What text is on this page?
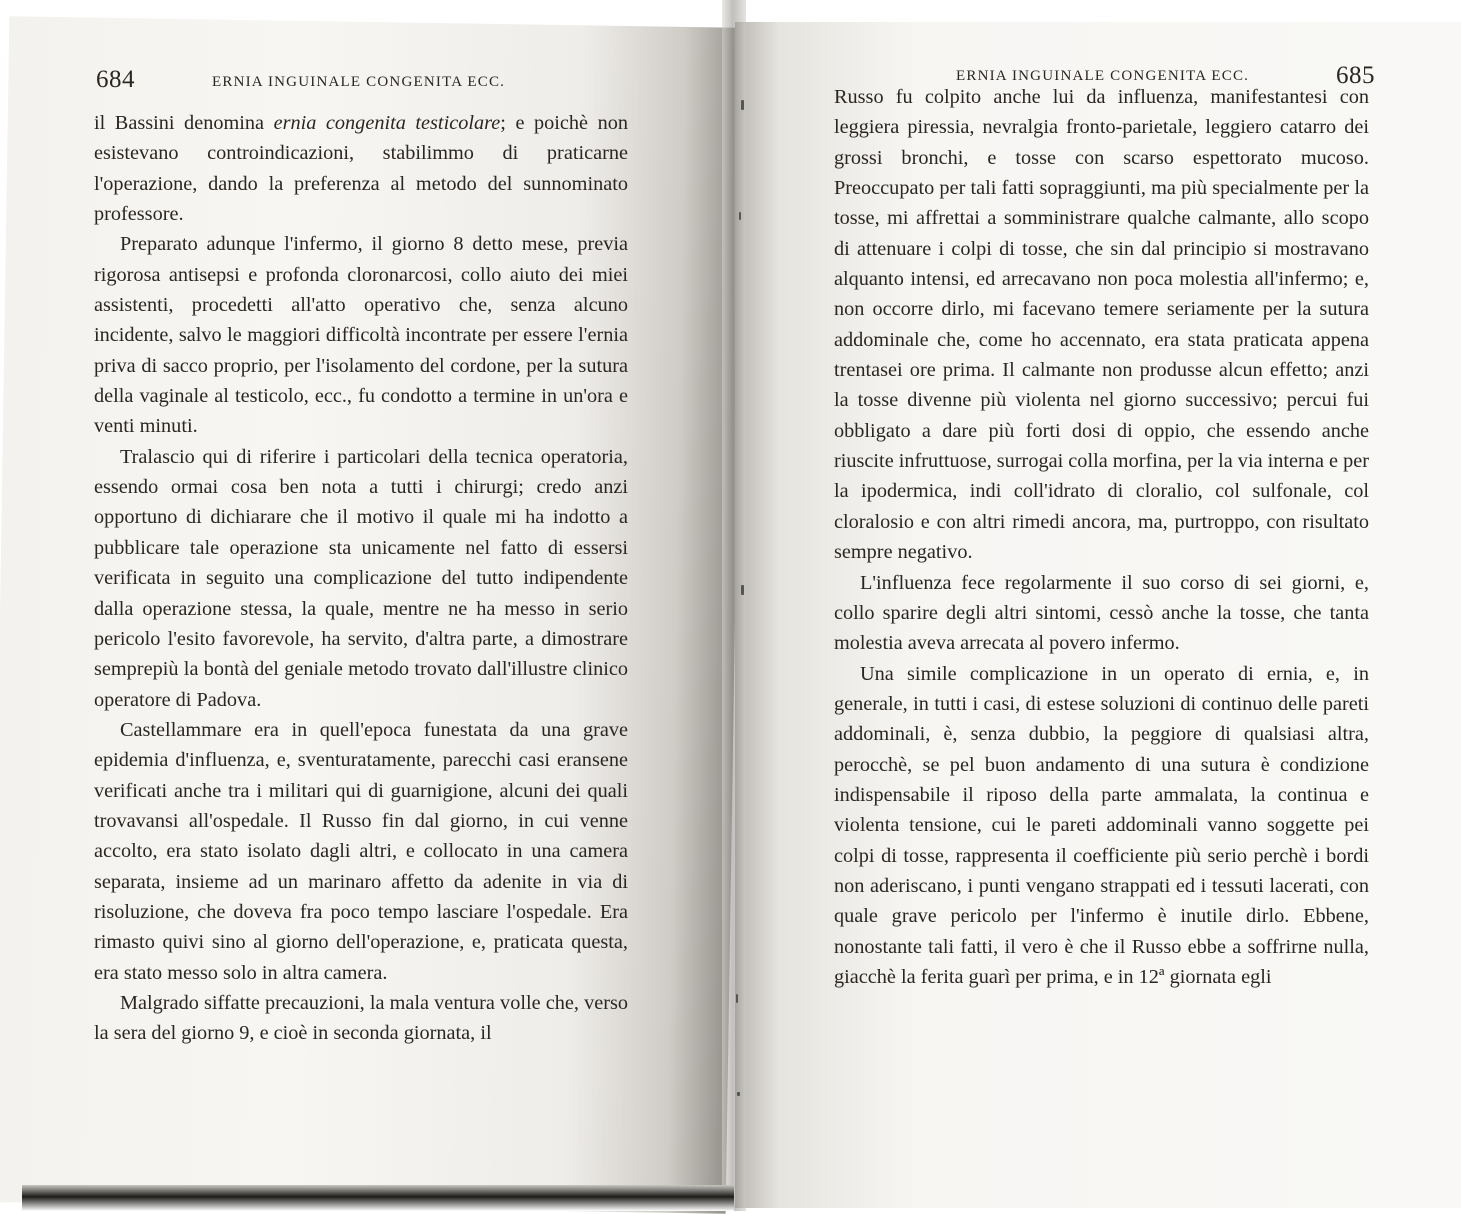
684	ERNIA INGUINALE CONGENITA ECC.

il Bassini denomina ernia congenita testicolare; e poichè non esistevano controindicazioni, stabilimmo di praticarne l'operazione, dando la preferenza al metodo del sunnominato professore.

Preparato adunque l'infermo, il giorno 8 detto mese, previa rigorosa antisepsi e profonda cloronarcosi, collo aiuto dei miei assistenti, procedetti all'atto operativo che, senza alcuno incidente, salvo le maggiori difficoltà incontrate per essere l'ernia priva di sacco proprio, per l'isolamento del cordone, per la sutura della vaginale al testicolo, ecc., fu condotto a termine in un'ora e venti minuti.

Tralascio qui di riferire i particolari della tecnica operatoria, essendo ormai cosa ben nota a tutti i chirurgi; credo anzi opportuno di dichiarare che il motivo il quale mi ha indotto a pubblicare tale operazione sta unicamente nel fatto di essersi verificata in seguito una complicazione del tutto indipendente dalla operazione stessa, la quale, mentre ne ha messo in serio pericolo l'esito favorevole, ha servito, d'altra parte, a dimostrare semprepiù la bontà del geniale metodo trovato dall'illustre clinico operatore di Padova.

Castellammare era in quell'epoca funestata da una grave epidemia d'influenza, e, sventuratamente, parecchi casi eransene verificati anche tra i militari qui di guarnigione, alcuni dei quali trovavansi all'ospedale. Il Russo fin dal giorno, in cui venne accolto, era stato isolato dagli altri, e collocato in una camera separata, insieme ad un marinaro affetto da adenite in via di risoluzione, che doveva fra poco tempo lasciare l'ospedale. Era rimasto quivi sino al giorno dell'operazione, e, praticata questa, era stato messo solo in altra camera.

Malgrado siffatte precauzioni, la mala ventura volle che, verso la sera del giorno 9, e cioè in seconda giornata, il

ERNIA INGUINALE CONGENITA ECC.	685

Russo fu colpito anche lui da influenza, manifestantesi con leggiera piressia, nevralgia fronto-parietale, leggiero catarro dei grossi bronchi, e tosse con scarso espettorato mucoso. Preoccupato per tali fatti sopraggiunti, ma più specialmente per la tosse, mi affrettai a somministrare qualche calmante, allo scopo di attenuare i colpi di tosse, che sin dal principio si mostravano alquanto intensi, ed arrecavano non poca molestia all'infermo; e, non occorre dirlo, mi facevano temere seriamente per la sutura addominale che, come ho accennato, era stata praticata appena trentasei ore prima. Il calmante non produsse alcun effetto; anzi la tosse divenne più violenta nel giorno successivo; percui fui obbligato a dare più forti dosi di oppio, che essendo anche riuscite infruttuose, surrogai colla morfina, per la via interna e per la ipodermica, indi coll'idrato di cloralio, col sulfonale, col cloralosio e con altri rimedi ancora, ma, purtroppo, con risultato sempre negativo.

L'influenza fece regolarmente il suo corso di sei giorni, e, collo sparire degli altri sintomi, cessò anche la tosse, che tanta molestia aveva arrecata al povero infermo.

Una simile complicazione in un operato di ernia, e, in generale, in tutti i casi, di estese soluzioni di continuo delle pareti addominali, è, senza dubbio, la peggiore di qualsiasi altra, perocchè, se pel buon andamento di una sutura è condizione indispensabile il riposo della parte ammalata, la continua e violenta tensione, cui le pareti addominali vanno soggette pei colpi di tosse, rappresenta il coefficiente più serio perchè i bordi non aderiscano, i punti vengano strappati ed i tessuti lacerati, con quale grave pericolo per l'infermo è inutile dirlo. Ebbene, nonostante tali fatti, il vero è che il Russo ebbe a soffrirne nulla, giacchè la ferita guarì per prima, e in 12ª giornata egli
